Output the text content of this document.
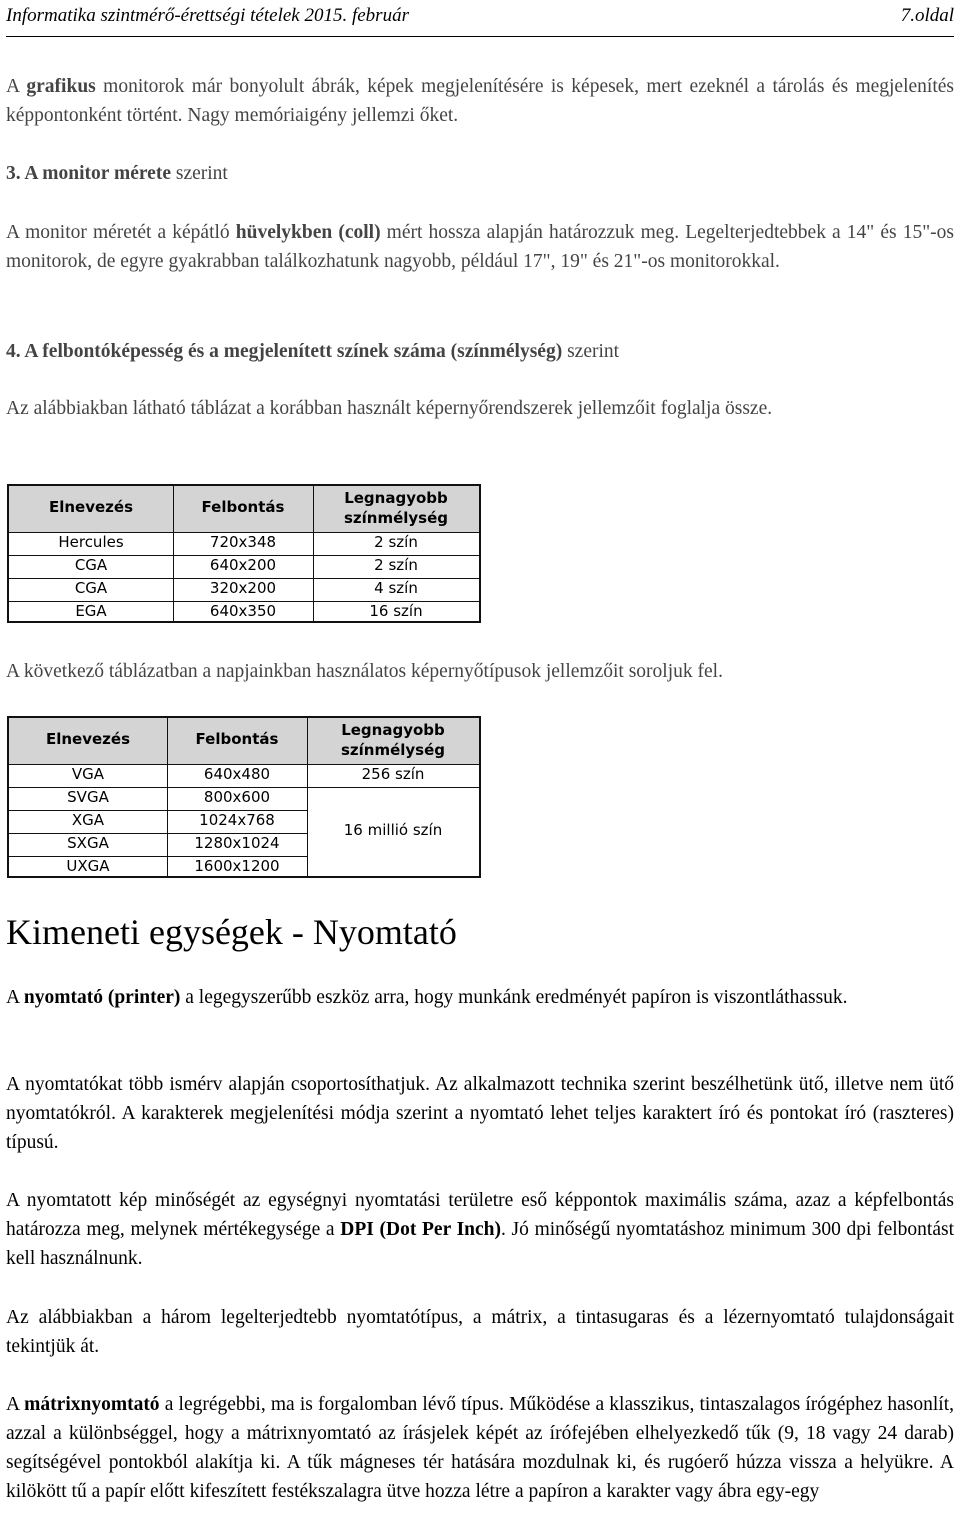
Informatika szintmérő-érettségi tételek 2015. február	7.oldal

A grafikus monitorok már bonyolult ábrák, képek megjelenítésére is képesek, mert ezeknél a tárolás és megjelenítés képpontonként történt. Nagy memóriaigény jellemzi őket.

3. A monitor mérete szerint

A monitor méretét a képátló hüvelykben (coll) mért hossza alapján határozzuk meg. Legelterjedtebbek a 14" és 15"-os monitorok, de egyre gyakrabban találkozhatunk nagyobb, például 17", 19" és 21"-os monitorokkal.

4. A felbontóképesség és a megjelenített színek száma (színmélység) szerint

Az alábbiakban látható táblázat a korábban használt képernyőrendszerek jellemzőit foglalja össze.

Elnevezés	Felbontás	Legnagyobb
színmélység
Hercules	720x348	2 szín
CGA	640x200	2 szín
CGA	320x200	4 szín
EGA	640x350	16 szín

A következő táblázatban a napjainkban használatos képernyőtípusok jellemzőit soroljuk fel.

Elnevezés	Felbontás	Legnagyobb
színmélység
VGA	640x480	256 szín
SVGA	800x600
XGA	1024x768
SXGA	1280x1024
UXGA	1600x1200
16 millió szín
Kimeneti egységek - Nyomtató

A nyomtató (printer) a legegyszerűbb eszköz arra, hogy munkánk eredményét papíron is viszontláthassuk.

A nyomtatókat több ismérv alapján csoportosíthatjuk. Az alkalmazott technika szerint beszélhetünk ütő, illetve nem ütő nyomtatókról. A karakterek megjelenítési módja szerint a nyomtató lehet teljes karaktert író és pontokat író (raszteres) típusú.

A nyomtatott kép minőségét az egységnyi nyomtatási területre eső képpontok maximális száma, azaz a képfelbontás határozza meg, melynek mértékegysége a DPI (Dot Per Inch). Jó minőségű nyomtatáshoz minimum 300 dpi felbontást kell használnunk.

Az alábbiakban a három legelterjedtebb nyomtatótípus, a mátrix, a tintasugaras és a lézernyomtató tulajdonságait tekintjük át.

A mátrixnyomtató a legrégebbi, ma is forgalomban lévő típus. Működése a klasszikus, tintaszalagos írógéphez hasonlít, azzal a különbséggel, hogy a mátrixnyomtató az írásjelek képét az írófejében elhelyezkedő tűk (9, 18 vagy 24 darab) segítségével pontokból alakítja ki. A tűk mágneses tér hatására mozdulnak ki, és rugóerő húzza vissza a helyükre. A kilökött tű a papír előtt kifeszített festékszalagra ütve hozza létre a papíron a karakter vagy ábra egy-egy
